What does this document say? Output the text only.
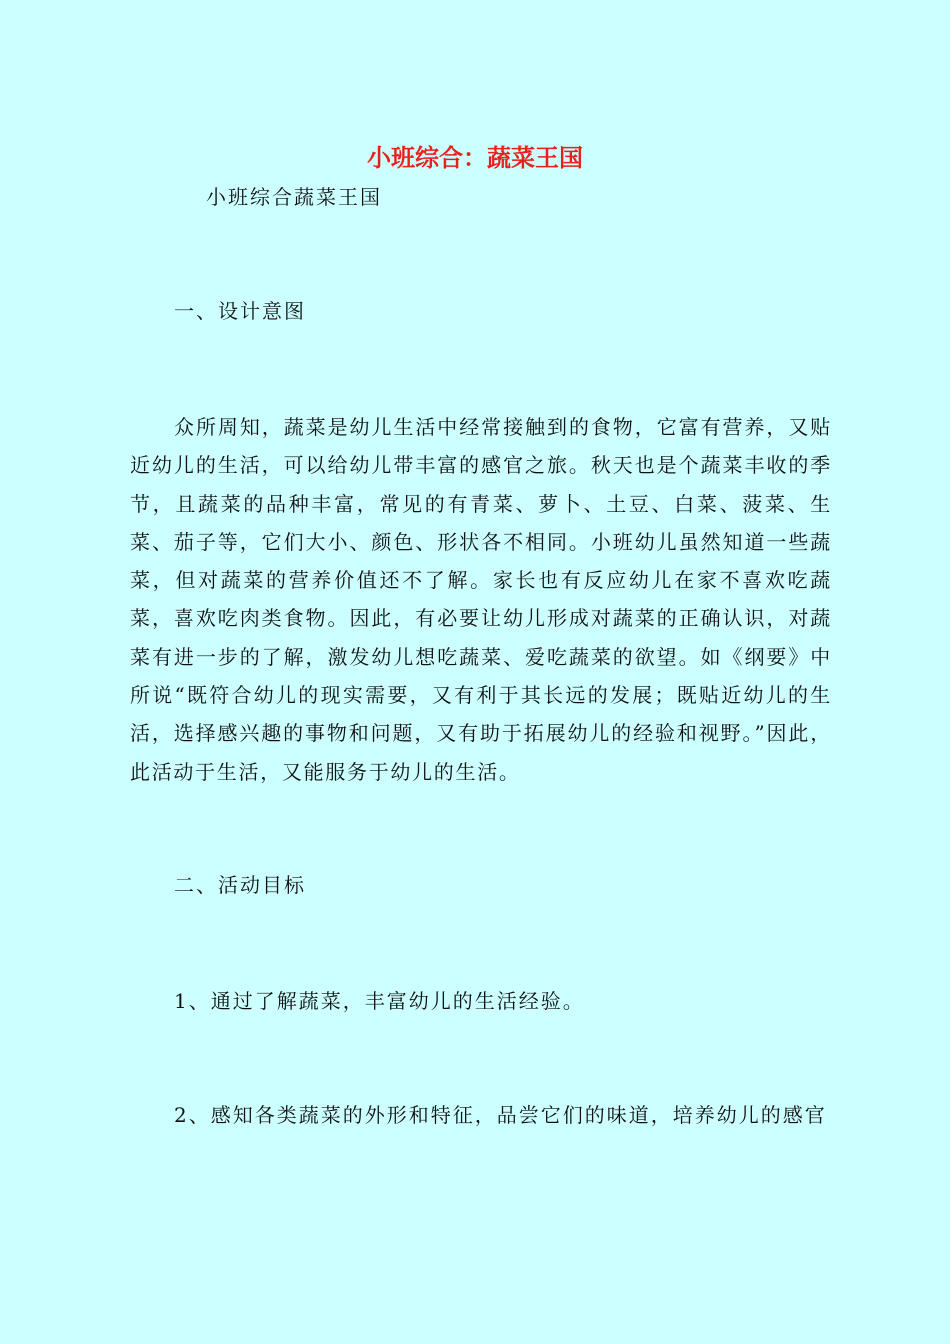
小班综合：蔬菜王国
小班综合蔬菜王国
一、设计意图
众所周知，蔬菜是幼儿生活中经常接触到的食物，它富有营养，又贴近幼儿的生活，可以给幼儿带丰富的感官之旅。秋天也是个蔬菜丰收的季节，且蔬菜的品种丰富，常见的有青菜、萝卜、土豆、白菜、菠菜、生菜、茄子等，它们大小、颜色、形状各不相同。小班幼儿虽然知道一些蔬菜，但对蔬菜的营养价值还不了解。家长也有反应幼儿在家不喜欢吃蔬菜，喜欢吃肉类食物。因此，有必要让幼儿形成对蔬菜的正确认识，对蔬菜有进一步的了解，激发幼儿想吃蔬菜、爱吃蔬菜的欲望。如《纲要》中所说“既符合幼儿的现实需要，又有利于其长远的发展；既贴近幼儿的生活，选择感兴趣的事物和问题，又有助于拓展幼儿的经验和视野。”因此，此活动于生活，又能服务于幼儿的生活。
二、活动目标
1、通过了解蔬菜，丰富幼儿的生活经验。
2、感知各类蔬菜的外形和特征，品尝它们的味道，培养幼儿的感官
